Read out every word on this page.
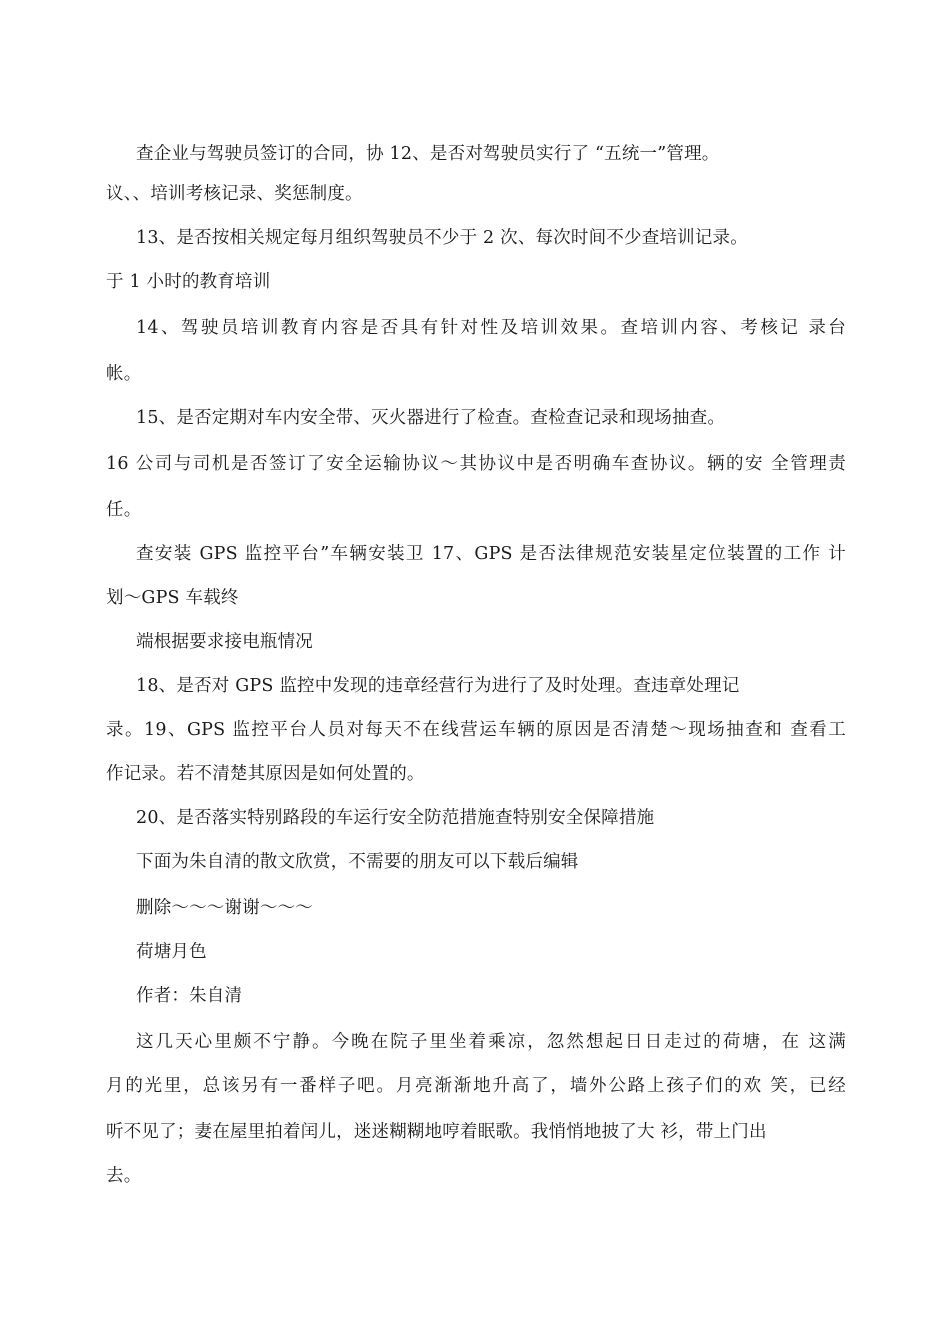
查企业与驾驶员签订的合同，协 12、是否对驾驶员实行了 “五统一”管理。
议、、培训考核记录、奖惩制度。
13、是否按相关规定每月组织驾驶员不少于 2 次、每次时间不少查培训记录。
于 1 小时的教育培训
14、驾驶员培训教育内容是否具有针对性及培训效果。查培训内容、考核记 录台
帐。
15、是否定期对车内安全带、灭火器进行了检查。查检查记录和现场抽查。
16 公司与司机是否签订了安全运输协议〜其协议中是否明确车查协议。辆的安 全管理责
任。
查安装 GPS 监控平台”车辆安装卫 17、GPS 是否法律规范安装星定位装置的工作 计
划〜GPS 车载终
端根据要求接电瓶情况
18、是否对 GPS 监控中发现的违章经营行为进行了及时处理。查违章处理记
录。19、GPS 监控平台人员对每天不在线营运车辆的原因是否清楚〜现场抽查和 查看工
作记录。若不清楚其原因是如何处置的。
20、是否落实特别路段的车运行安全防范措施查特别安全保障措施
下面为朱自清的散文欣赏，不需要的朋友可以下载后编辑
删除〜〜〜谢谢〜〜〜
荷塘月色
作者：朱自清
这几天心里颇不宁静。今晚在院子里坐着乘凉，忽然想起日日走过的荷塘，在 这满
月的光里，总该另有一番样子吧。月亮渐渐地升高了，墙外公路上孩子们的欢 笑，已经
听不见了；妻在屋里拍着闰儿，迷迷糊糊地哼着眠歌。我悄悄地披了大 衫，带上门出
去。
